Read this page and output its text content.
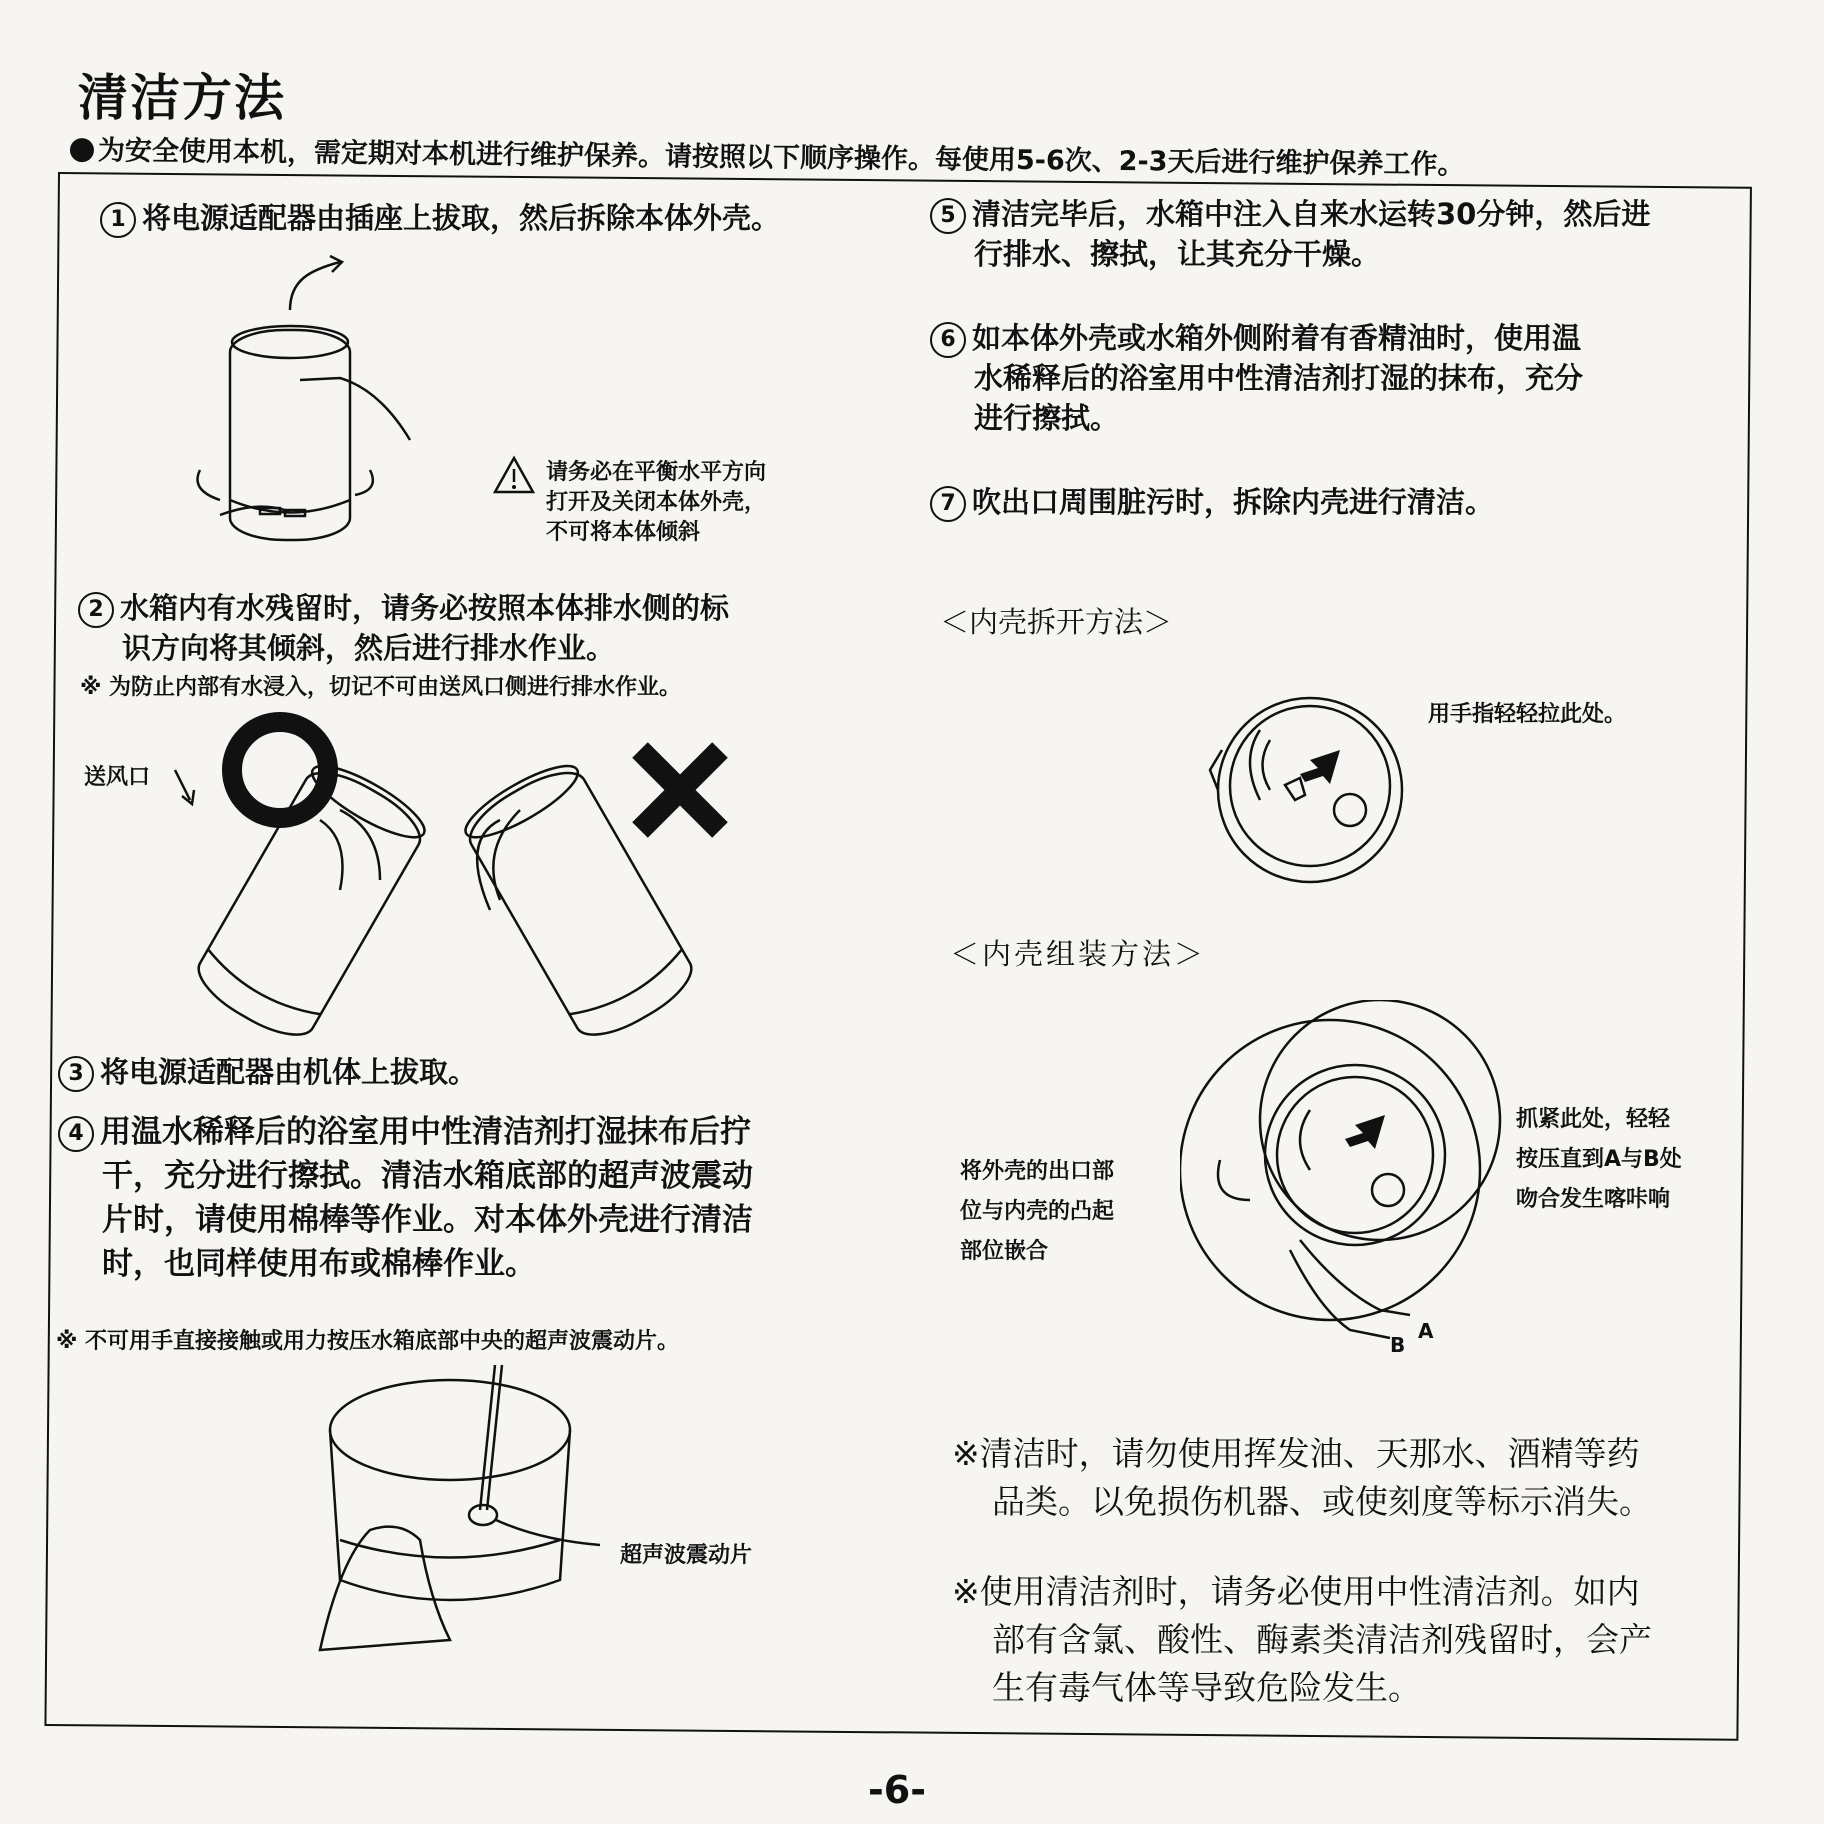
清洁方法
为安全使用本机，需定期对本机进行维护保养。请按照以下顺序操作。每使用5-6次、2-3天后进行维护保养工作。
1 将电源适配器由插座上拔取，然后拆除本体外壳。
请务必在平衡水平方向
打开及关闭本体外壳，
不可将本体倾斜
2 水箱内有水残留时，请务必按照本体排水侧的标
识方向将其倾斜，然后进行排水作业。
※ 为防止内部有水浸入，切记不可由送风口侧进行排水作业。
送风口
3 将电源适配器由机体上拔取。
4 用温水稀释后的浴室用中性清洁剂打湿抹布后拧
干，充分进行擦拭。清洁水箱底部的超声波震动
片时，请使用棉棒等作业。对本体外壳进行清洁
时，也同样使用布或棉棒作业。
※ 不可用手直接接触或用力按压水箱底部中央的超声波震动片。
超声波震动片
5 清洁完毕后，水箱中注入自来水运转30分钟，然后进
行排水、擦拭，让其充分干燥。
6 如本体外壳或水箱外侧附着有香精油时，使用温
水稀释后的浴室用中性清洁剂打湿的抹布，充分
进行擦拭。
7 吹出口周围脏污时，拆除内壳进行清洁。
＜内壳拆开方法＞
用手指轻轻拉此处。
＜内壳组装方法＞
A
B
将外壳的出口部
位与内壳的凸起
部位嵌合
抓紧此处，轻轻
按压直到A与B处
吻合发生喀咔响
※清洁时，请勿使用挥发油、天那水、酒精等药
品类。以免损伤机器、或使刻度等标示消失。
※使用清洁剂时，请务必使用中性清洁剂。如内
部有含氯、酸性、酶素类清洁剂残留时，会产
生有毒气体等导致危险发生。
-6-
